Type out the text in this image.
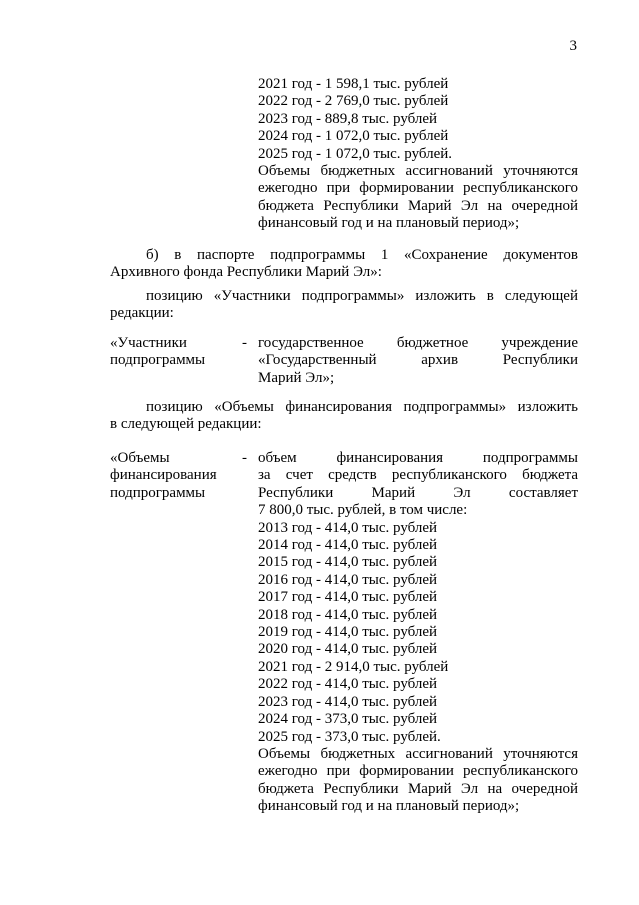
3
2021 год - 1 598,1 тыс. рублей
2022 год - 2 769,0 тыс. рублей
2023 год - 889,8 тыс. рублей
2024 год - 1 072,0 тыс. рублей
2025 год - 1 072,0 тыс. рублей.
Объемы бюджетных ассигнований уточняются
ежегодно при формировании республиканского
бюджета Республики Марий Эл на очередной
финансовый год и на плановый период»;
б) в паспорте подпрограммы 1 «Сохранение документов
Архивного фонда Республики Марий Эл»:
позицию «Участники подпрограммы» изложить в следующей
редакции:
«Участники
подпрограммы
- государственное бюджетное учреждение
«Государственный архив Республики
Марий Эл»;
позицию «Объемы финансирования подпрограммы» изложить
в следующей редакции:
«Объемы
финансирования
подпрограммы
- объем финансирования подпрограммы
за счет средств республиканского бюджета
Республики Марий Эл составляет
7 800,0 тыс. рублей, в том числе:
2013 год - 414,0 тыс. рублей
2014 год - 414,0 тыс. рублей
2015 год - 414,0 тыс. рублей
2016 год - 414,0 тыс. рублей
2017 год - 414,0 тыс. рублей
2018 год - 414,0 тыс. рублей
2019 год - 414,0 тыс. рублей
2020 год - 414,0 тыс. рублей
2021 год - 2 914,0 тыс. рублей
2022 год - 414,0 тыс. рублей
2023 год - 414,0 тыс. рублей
2024 год - 373,0 тыс. рублей
2025 год - 373,0 тыс. рублей.
Объемы бюджетных ассигнований уточняются
ежегодно при формировании республиканского
бюджета Республики Марий Эл на очередной
финансовый год и на плановый период»;
